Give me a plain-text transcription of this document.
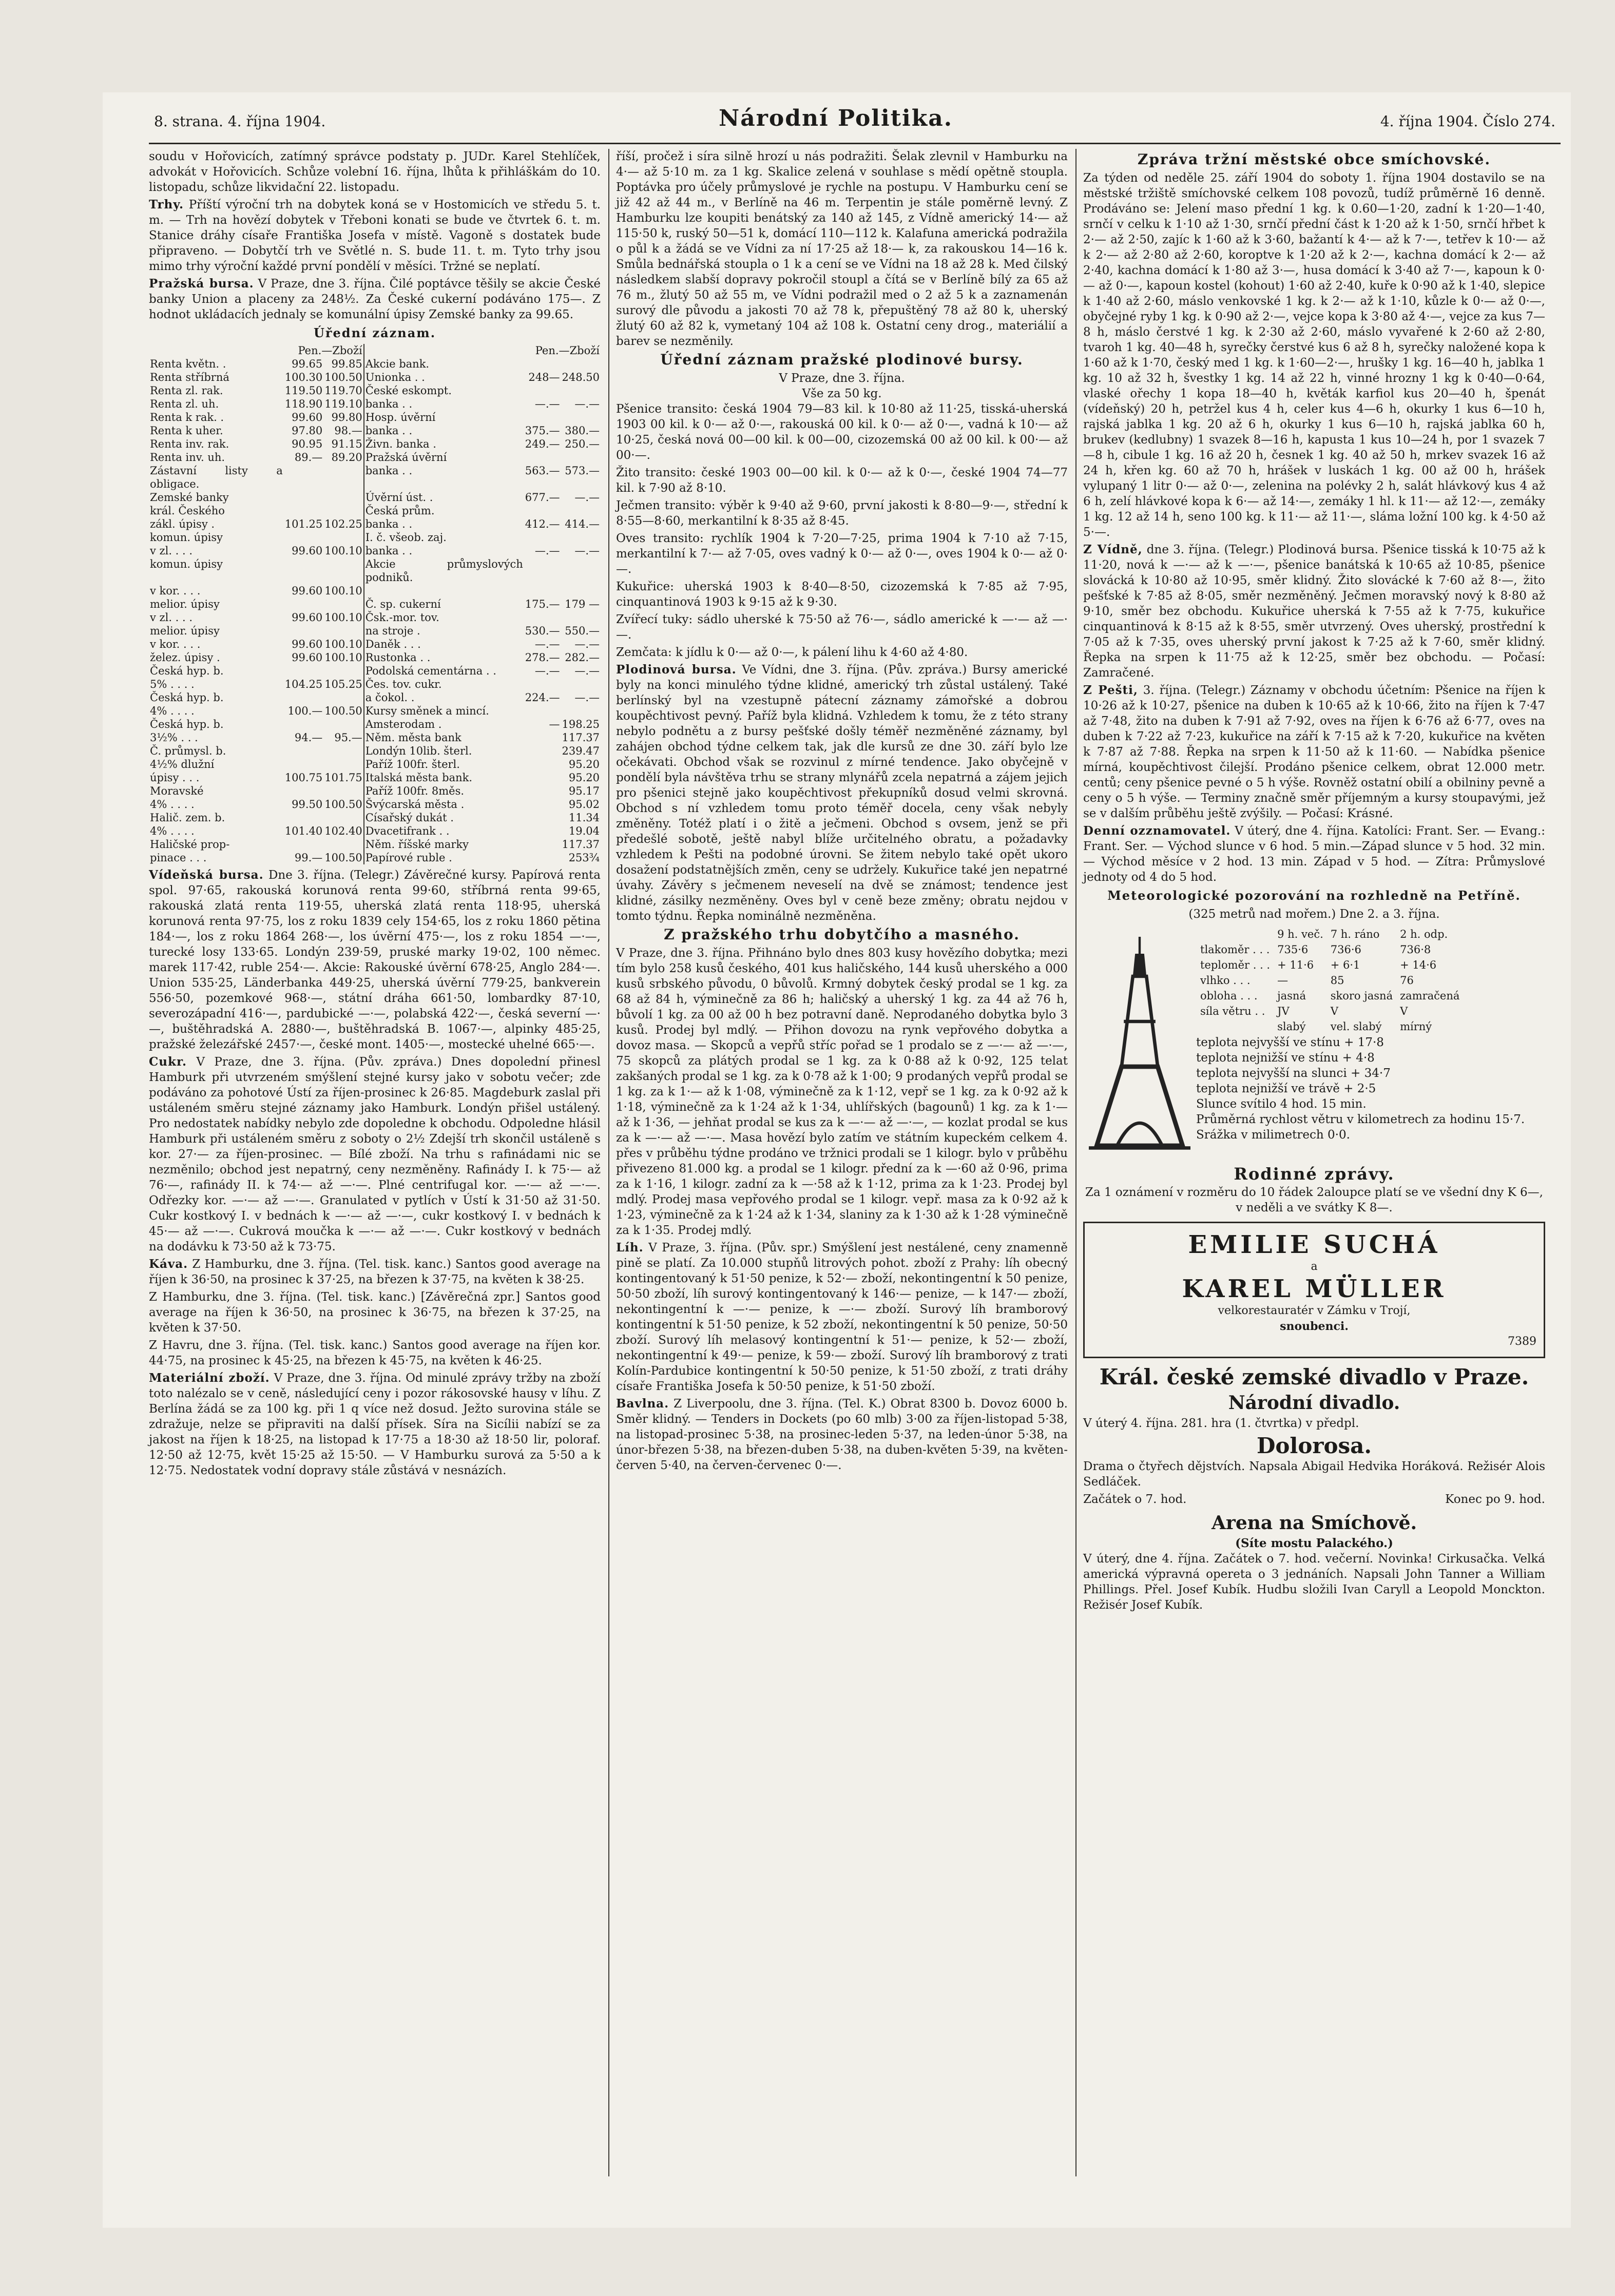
8. strana. 4. října 1904.	Národní Politika.	4. října 1904. Číslo 274.

soudu v Hořovicích, zatímný správce podstaty p. JUDr. Karel Stehlíček, advokát v Hořovicích. Schůze volební 16. října, lhůta k přihláškám do 10. listopadu, schůze likvidační 22. listopadu.

Trhy. Příští výroční trh na dobytek koná se v Hostomicích ve středu 5. t. m. — Trh na hovězí dobytek v Třeboni konati se bude ve čtvrtek 6. t. m. Stanice dráhy císaře Františka Josefa v místě. Vagoně s dostatek bude připraveno. — Dobytčí trh ve Světlé n. S. bude 11. t. m. Tyto trhy jsou mimo trhy výroční každé první pondělí v měsíci. Tržné se neplatí.

Pražská bursa. V Praze, dne 3. října. Čilé poptávce těšily se akcie České banky Union a placeny za 248½. Za České cukerní podáváno 175—. Z hodnot ukládacích jednaly se komunální úpisy Zemské banky za 99.65.

Úřední záznam.
	Pen.—Zboží			Pen.—Zboží	
Renta květn. .	99.65	99.85	Akcie bank.		
Renta stříbrná	100.30	100.50	Unionka . .	248—	248.50
Renta zl. rak.	119.50	119.70	České eskompt.		
Renta zl. uh.	118.90	119.10	banka . .	—.—	—.—
Renta k rak. .	99.60	99.80	Hosp. úvěrní		
Renta k uher.	97.80	98.—	banka . .	375.—	380.—
Renta inv. rak.	90.95	91.15	Živn. banka .	249.—	250.—
Renta inv. uh.	89.—	89.20	Pražská úvěrní		
Zástavní listy a obligace.			banka . .	563.—	573.—
Zemské banky			Úvěrní úst. .	677.—	—.—
král. Českého			Česká prům.		
zákl. úpisy .	101.25	102.25	banka . .	412.—	414.—
komun. úpisy			I. č. všeob. zaj.		
v zl. . . .	99.60	100.10	banka . .	—.—	—.—
komun. úpisy			Akcie průmyslových podniků.		
v kor. . . .	99.60	100.10			
melior. úpisy			Č. sp. cukerní	175.—	179 —
v zl. . . .	99.60	100.10	Čsk.-mor. tov.		
melior. úpisy			na stroje .	530.—	550.—
v kor. . . .	99.60	100.10	Daněk . . .	—.—	—.—
želez. úpisy .	99.60	100.10	Rustonka . .	278.—	282.—
Česká hyp. b.			Podolská cementárna . .	—.—	—.—
5% . . . .	104.25	105.25	Čes. tov. cukr.		
Česká hyp. b.			a čokol. .	224.—	—.—
4% . . . .	100.—	100.50	Kursy směnek a mincí.		
Česká hyp. b.			Amsterodam .	—	198.25
3½% . . .	94.—	95.—	Něm. města bank		117.37
Č. průmysl. b.			Londýn 10lib. šterl.		239.47
4½% dlužní			Paříž 100fr. šterl.		95.20
úpisy . . .	100.75	101.75	Italská města bank.		95.20
Moravské			Paříž 100fr. 8měs.		95.17
4% . . . .	99.50	100.50	Švýcarská města .		95.02
Halič. zem. b.			Císařský dukát .		11.34
4% . . . .	101.40	102.40	Dvacetifrank . .		19.04
Haličské prop-			Něm. říšské marky		117.37
pinace . . .	99.—	100.50	Papírové ruble .		253¾

Vídeňská bursa. Dne 3. října. (Telegr.) Závěrečné kursy. Papírová renta spol. 97·65, rakouská korunová renta 99·60, stříbrná renta 99·65, rakouská zlatá renta 119·55, uherská zlatá renta 118·95, uherská korunová renta 97·75, los z roku 1839 cely 154·65, los z roku 1860 pětina 184·—, los z roku 1864 268·—, los úvěrní 475·—, los z roku 1854 —·—, turecké losy 133·65. Londýn 239·59, pruské marky 19·02, 100 němec. marek 117·42, ruble 254·—. Akcie: Rakouské úvěrní 678·25, Anglo 284·—. Union 535·25, Länderbanka 449·25, uherská úvěrní 779·25, bankverein 556·50, pozemkové 968·—, státní dráha 661·50, lombardky 87·10, severozápadní 416·—, pardubické —·—, polabská 422·—, česká severní —·—, buštěhradská A. 2880·—, buštěhradská B. 1067·—, alpinky 485·25, pražské železářské 2457·—, české mont. 1405·—, mostecké uhelné 665·—.

Cukr. V Praze, dne 3. října. (Pův. zpráva.) Dnes dopolední přinesl Hamburk při utvrzeném smýšlení stejné kursy jako v sobotu večer; zde podáváno za pohotové Ústí za říjen-prosinec k 26·85. Magdeburk zaslal při ustáleném směru stejné záznamy jako Hamburk. Londýn přišel ustálený. Pro nedostatek nabídky nebylo zde dopoledne k obchodu. Odpoledne hlásil Hamburk při ustáleném směru z soboty o 2½ Zdejší trh skončil ustáleně s kor. 27·— za říjen-prosinec. — Bílé zboží. Na trhu s rafinádami nic se nezměnilo; obchod jest nepatrný, ceny nezměněny. Rafinády I. k 75·— až 76·—, rafinády II. k 74·— až —·—. Plné centrifugal kor. —·— až —·—. Odřezky kor. —·— až —·—. Granulated v pytlích v Ústí k 31·50 až 31·50. Cukr kostkový I. v bednách k —·— až —·—, cukr kostkový I. v bednách k 45·— až —·—. Cukrová moučka k —·— až —·—. Cukr kostkový v bednách na dodávku k 73·50 až k 73·75.

Káva. Z Hamburku, dne 3. října. (Tel. tisk. kanc.) Santos good average na říjen k 36·50, na prosinec k 37·25, na březen k 37·75, na květen k 38·25.

Z Hamburku, dne 3. října. (Tel. tisk. kanc.) [Závěrečná zpr.] Santos good average na říjen k 36·50, na prosinec k 36·75, na březen k 37·25, na květen k 37·50.

Z Havru, dne 3. října. (Tel. tisk. kanc.) Santos good average na říjen kor. 44·75, na prosinec k 45·25, na březen k 45·75, na květen k 46·25.

Materiální zboží. V Praze, dne 3. října. Od minulé zprávy tržby na zboží toto nalézalo se v ceně, následující ceny i pozor rákosovské hausy v líhu. Z Berlína žádá se za 100 kg. při 1 q více než dosud. Ježto surovina stále se zdražuje, nelze se připraviti na další přísek. Síra na Sicílii nabízí se za jakost na říjen k 18·25, na listopad k 17·75 a 18·30 až 18·50 lir, poloraf. 12·50 až 12·75, květ 15·25 až 15·50. — V Hamburku surová za 5·50 a k 12·75. Nedostatek vodní dopravy stále zůstává v nesnázích.

říší, pročež i síra silně hrozí u nás podražiti. Šelak zlevnil v Hamburku na 4·— až 5·10 m. za 1 kg. Skalice zelená v souhlase s mědí opětně stoupla. Poptávka pro účely průmyslové je rychle na postupu. V Hamburku cení se již 42 až 44 m., v Berlíně na 46 m. Terpentin je stále poměrně levný. Z Hamburku lze koupiti benátský za 140 až 145, z Vídně americký 14·— až 115·50 k, ruský 50—51 k, domácí 110—112 k. Kalafuna americká podražila o půl k a žádá se ve Vídni za ní 17·25 až 18·— k, za rakouskou 14—16 k. Smůla bednářská stoupla o 1 k a cení se ve Vídni na 18 až 28 k. Med čilský následkem slabší dopravy pokročil stoupl a čítá se v Berlíně bílý za 65 až 76 m., žlutý 50 až 55 m, ve Vídni podražil med o 2 až 5 k a zaznamenán surový dle původu a jakosti 70 až 78 k, přepuštěný 78 až 80 k, uherský žlutý 60 až 82 k, vymetaný 104 až 108 k. Ostatní ceny drog., materiálií a barev se nezměnily.

Úřední záznam pražské plodinové bursy.
V Praze, dne 3. října.
Vše za 50 kg.

Pšenice transito: česká 1904 79—83 kil. k 10·80 až 11·25, tisská-uherská 1903 00 kil. k 0·— až 0·—, rakouská 00 kil. k 0·— až 0·—, vadná k 10·— až 10·25, česká nová 00—00 kil. k 00—00, cizozemská 00 až 00 kil. k 00·— až 00·—.

Žito transito: české 1903 00—00 kil. k 0·— až k 0·—, české 1904 74—77 kil. k 7·90 až 8·10.

Ječmen transito: výběr k 9·40 až 9·60, první jakosti k 8·80—9·—, střední k 8·55—8·60, merkantilní k 8·35 až 8·45.

Oves transito: rychlík 1904 k 7·20—7·25, prima 1904 k 7·10 až 7·15, merkantilní k 7·— až 7·05, oves vadný k 0·— až 0·—, oves 1904 k 0·— až 0·—.

Kukuřice: uherská 1903 k 8·40—8·50, cizozemská k 7·85 až 7·95, cinquantinová 1903 k 9·15 až k 9·30.

Zvířecí tuky: sádlo uherské k 75·50 až 76·—, sádlo americké k —·— až —·—.

Zemčata: k jídlu k 0·— až 0·—, k pálení lihu k 4·60 až 4·80.

Plodinová bursa. Ve Vídni, dne 3. října. (Pův. zpráva.) Bursy americké byly na konci minulého týdne klidné, americký trh zůstal ustálený. Také berlínský byl na vzestupně pátecní záznamy zámořské a dobrou koupěchtivost pevný. Paříž byla klidná. Vzhledem k tomu, že z této strany nebylo podnětu a z bursy pešťské došly téměř nezměněné záznamy, byl zahájen obchod týdne celkem tak, jak dle kursů ze dne 30. září bylo lze očekávati. Obchod však se rozvinul z mírné tendence. Jako obyčejně v pondělí byla návštěva trhu se strany mlynářů zcela nepatrná a zájem jejich pro pšenici stejně jako koupěchtivost překupníků dosud velmi skrovná. Obchod s ní vzhledem tomu proto téměř docela, ceny však nebyly změněny. Totéž platí i o žitě a ječmeni. Obchod s ovsem, jenž se při předešlé sobotě, ještě nabyl blíže určitelného obratu, a požadavky vzhledem k Pešti na podobné úrovni. Se žitem nebylo také opět ukoro dosažení podstatnějších změn, ceny se udržely. Kukuřice také jen nepatrné úvahy. Závěry s ječmenem neveselí na dvě se známost; tendence jest klidné, zásilky nezměněny. Oves byl v ceně beze změny; obratu nejdou v tomto týdnu. Řepka nominálně nezměněna.

Z pražského trhu dobytčího a masného.

V Praze, dne 3. října. Přihnáno bylo dnes 803 kusy hovězího dobytka; mezi tím bylo 258 kusů českého, 401 kus haličského, 144 kusů uherského a 000 kusů srbského původu, 0 bůvolů. Krmný dobytek český prodal se 1 kg. za 68 až 84 h, výminečně za 86 h; haličský a uherský 1 kg. za 44 až 76 h, bůvolí 1 kg. za 00 až 00 h bez potravní daně. Neprodaného dobytka bylo 3 kusů. Prodej byl mdlý. — Přihon dovozu na rynk vepřového dobytka a dovoz masa. — Skopců a vepřů stříc pořad se 1 prodalo se z —·— až —·—, 75 skopců za plátých prodal se 1 kg. za k 0·88 až k 0·92, 125 telat zakšaných prodal se 1 kg. za k 0·78 až k 1·00; 9 prodaných vepřů prodal se 1 kg. za k 1·— až k 1·08, výminečně za k 1·12, vepř se 1 kg. za k 0·92 až k 1·18, výminečně za k 1·24 až k 1·34, uhlířských (bagounů) 1 kg. za k 1·— až k 1·36, — jehňat prodal se kus za k —·— až —·—, — kozlat prodal se kus za k —·— až —·—. Masa hovězí bylo zatím ve státním kupeckém celkem 4. přes v průběhu týdne prodáno ve tržnici prodali se 1 kilogr. bylo v průběhu přivezeno 81.000 kg. a prodal se 1 kilogr. přední za k —·60 až 0·96, prima za k 1·16, 1 kilogr. zadní za k —·58 až k 1·12, prima za k 1·23. Prodej byl mdlý. Prodej masa vepřového prodal se 1 kilogr. vepř. masa za k 0·92 až k 1·23, výminečně za k 1·24 až k 1·34, slaniny za k 1·30 až k 1·28 výminečně za k 1·35. Prodej mdlý.

Líh. V Praze, 3. října. (Pův. spr.) Smýšlení jest nestálené, ceny znamenně pině se platí. Za 10.000 stupňů litrových pohot. zboží z Prahy: líh obecný kontingentovaný k 51·50 penize, k 52·— zboží, nekontingentní k 50 penize, 50·50 zboží, líh surový kontingentovaný k 146·— penize, — k 147·— zboží, nekontingentní k —·— penize, k —·— zboží. Surový líh bramborový kontingentní k 51·50 penize, k 52 zboží, nekontingentní k 50 penize, 50·50 zboží. Surový líh melasový kontingentní k 51·— penize, k 52·— zboží, nekontingentní k 49·— penize, k 59·— zboží. Surový líh bramborový z trati Kolín-Pardubice kontingentní k 50·50 penize, k 51·50 zboží, z trati dráhy císaře Františka Josefa k 50·50 penize, k 51·50 zboží.

Bavlna. Z Liverpoolu, dne 3. října. (Tel. K.) Obrat 8300 b. Dovoz 6000 b. Směr klidný. — Tenders in Dockets (po 60 mlb) 3·00 za říjen-listopad 5·38, na listopad-prosinec 5·38, na prosinec-leden 5·37, na leden-únor 5·38, na únor-březen 5·38, na březen-duben 5·38, na duben-květen 5·39, na květen-červen 5·40, na červen-červenec 0·—.

Zpráva tržní městské obce smíchovské.

Za týden od neděle 25. září 1904 do soboty 1. října 1904 dostavilo se na městské tržiště smíchovské celkem 108 povozů, tudíž průměrně 16 denně. Prodáváno se: Jelení maso přední 1 kg. k 0.60—1·20, zadní k 1·20—1·40, srnčí v celku k 1·10 až 1·30, srnčí přední část k 1·20 až k 1·50, srnčí hřbet k 2·— až 2·50, zajíc k 1·60 až k 3·60, bažantí k 4·— až k 7·—, tetřev k 10·— až k 2·— až 2·80 až 2·60, koroptve k 1·20 až k 2·—, kachna domácí k 2·— až 2·40, kachna domácí k 1·80 až 3·—, husa domácí k 3·40 až 7·—, kapoun k 0·— až 0·—, kapoun kostel (kohout) 1·60 až 2·40, kuře k 0·90 až k 1·40, slepice k 1·40 až 2·60, máslo venkovské 1 kg. k 2·— až k 1·10, kůzle k 0·— až 0·—, obyčejné ryby 1 kg. k 0·90 až 2·—, vejce kopa k 3·80 až 4·—, vejce za kus 7—8 h, máslo čerstvé 1 kg. k 2·30 až 2·60, máslo vyvařené k 2·60 až 2·80, tvaroh 1 kg. 40—48 h, syrečky čerstvé kus 6 až 8 h, syrečky naložené kopa k 1·60 až k 1·70, český med 1 kg. k 1·60—2·—, hrušky 1 kg. 16—40 h, jablka 1 kg. 10 až 32 h, švestky 1 kg. 14 až 22 h, vinné hrozny 1 kg k 0·40—0·64, vlaské ořechy 1 kopa 18—40 h, květák karfiol kus 20—40 h, špenát (vídeňský) 20 h, petržel kus 4 h, celer kus 4—6 h, okurky 1 kus 6—10 h, rajská jablka 1 kg. 20 až 6 h, okurky 1 kus 6—10 h, rajská jablka 60 h, brukev (kedlubny) 1 svazek 8—16 h, kapusta 1 kus 10—24 h, por 1 svazek 7—8 h, cibule 1 kg. 16 až 20 h, česnek 1 kg. 40 až 50 h, mrkev svazek 16 až 24 h, křen kg. 60 až 70 h, hrášek v luskách 1 kg. 00 až 00 h, hrášek vylupaný 1 litr 0·— až 0·—, zelenina na polévky 2 h, salát hlávkový kus 4 až 6 h, zelí hlávkové kopa k 6·— až 14·—, zemáky 1 hl. k 11·— až 12·—, zemáky 1 kg. 12 až 14 h, seno 100 kg. k 11·— až 11·—, sláma ložní 100 kg. k 4·50 až 5·—.

Z Vídně, dne 3. října. (Telegr.) Plodinová bursa. Pšenice tisská k 10·75 až k 11·20, nová k —·— až k —·—, pšenice banátská k 10·65 až 10·85, pšenice slovácká k 10·80 až 10·95, směr klidný. Žito slovácké k 7·60 až 8·—, žito pešťské k 7·85 až 8·05, směr nezměněný. Ječmen moravský nový k 8·80 až 9·10, směr bez obchodu. Kukuřice uherská k 7·55 až k 7·75, kukuřice cinquantinová k 8·15 až k 8·55, směr utvrzený. Oves uherský, prostřední k 7·05 až k 7·35, oves uherský první jakost k 7·25 až k 7·60, směr klidný. Řepka na srpen k 11·75 až k 12·25, směr bez obchodu. — Počasí: Zamračené.

Z Pešti, 3. října. (Telegr.) Záznamy v obchodu účetním: Pšenice na říjen k 10·26 až k 10·27, pšenice na duben k 10·65 až k 10·66, žito na říjen k 7·47 až 7·48, žito na duben k 7·91 až 7·92, oves na říjen k 6·76 až 6·77, oves na duben k 7·22 až 7·23, kukuřice na září k 7·15 až k 7·20, kukuřice na květen k 7·87 až 7·88. Řepka na srpen k 11·50 až k 11·60. — Nabídka pšenice mírná, koupěchtivost čilejší. Prodáno pšenice celkem, obrat 12.000 metr. centů; ceny pšenice pevné o 5 h výše. Rovněž ostatní obilí a obilniny pevně a ceny o 5 h výše. — Terminy značně směr příjemným a kursy stoupavými, jež se v dalším průběhu ještě zvýšily. — Počasí: Krásné.

Denní ozznamovatel. V úterý, dne 4. října. Katolíci: Frant. Ser. — Evang.: Frant. Ser. — Východ slunce v 6 hod. 5 min.—Západ slunce v 5 hod. 32 min. — Východ měsíce v 2 hod. 13 min. Západ v 5 hod. — Zítra: Průmyslové jednoty od 4 do 5 hod.

Meteorologické pozorování na rozhledně na Petříně.
(325 metrů nad mořem.) Dne 2. a 3. října.
	9 h. več.	7 h. ráno	2 h. odp.
tlakoměr . . .	735·6	736·6	736·8
teploměr . . .	+ 11·6	+ 6·1	+ 14·6
vlhko . . .	—	85	76
obloha . . .	jasná	skoro jasná	zamračená
síla větru . .	JV	V	V
	slabý	vel. slabý	mírný
teplota nejvyšší ve stínu + 17·8
teplota nejnižší ve stínu + 4·8
teplota nejvyšší na slunci + 34·7
teplota nejnižší ve trávě + 2·5
Slunce svítilo 4 hod. 15 min.
Průměrná rychlost větru v kilometrech za hodinu 15·7.
Srážka v milimetrech 0·0.
Rodinné zprávy.

Za 1 oznámení v rozměru do 10 řádek 2aloupce platí se ve všední dny K 6—, v neděli a ve svátky K 8—.

EMILIE SUCHÁ
a
KAREL MÜLLER
velkorestauratér v Zámku v Trojí,
snoubenci.
7389
Král. české zemské divadlo v Praze.
Národní divadlo.

V úterý 4. října. 281. hra (1. čtvrtka) v předpl.

Dolorosa.

Drama o čtyřech dějstvích. Napsala Abigail Hedvika Horáková. Režisér Alois Sedláček.

Začátek o 7. hod.	Konec po 9. hod.

Arena na Smíchově.
(Síte mostu Palackého.)

V úterý, dne 4. října. Začátek o 7. hod. večerní. Novinka! Cirkusačka. Velká americká výpravná opereta o 3 jednáních. Napsali John Tanner a William Phillings. Přel. Josef Kubík. Hudbu složili Ivan Caryll a Leopold Monckton. Režisér Josef Kubík.
